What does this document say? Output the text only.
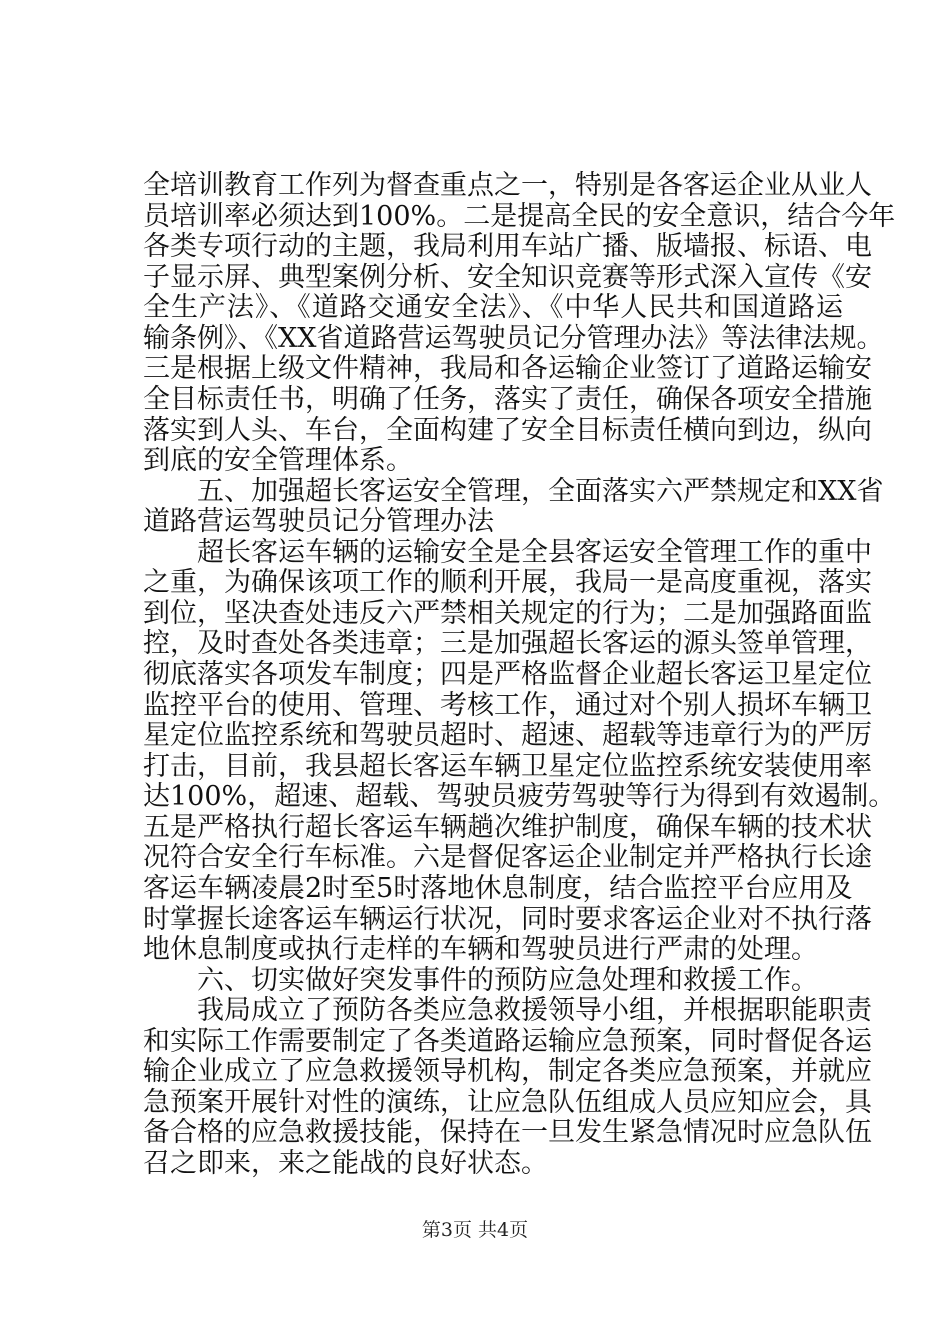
全培训教育工作列为督查重点之一，特别是各客运企业从业人
员培训率必须达到100%。二是提高全民的安全意识，结合今年
各类专项行动的主题，我局利用车站广播、版墙报、标语、电
子显示屏、典型案例分析、安全知识竞赛等形式深入宣传《安
全生产法》、《道路交通安全法》、《中华人民共和国道路运
输条例》、《XX省道路营运驾驶员记分管理办法》等法律法规。
三是根据上级文件精神，我局和各运输企业签订了道路运输安
全目标责任书，明确了任务，落实了责任，确保各项安全措施
落实到人头、车台，全面构建了安全目标责任横向到边，纵向
到底的安全管理体系。
　　五、加强超长客运安全管理，全面落实六严禁规定和XX省
道路营运驾驶员记分管理办法
　　超长客运车辆的运输安全是全县客运安全管理工作的重中
之重，为确保该项工作的顺利开展，我局一是高度重视，落实
到位，坚决查处违反六严禁相关规定的行为；二是加强路面监
控，及时查处各类违章；三是加强超长客运的源头签单管理，
彻底落实各项发车制度；四是严格监督企业超长客运卫星定位
监控平台的使用、管理、考核工作，通过对个别人损坏车辆卫
星定位监控系统和驾驶员超时、超速、超载等违章行为的严厉
打击，目前，我县超长客运车辆卫星定位监控系统安装使用率
达100%，超速、超载、驾驶员疲劳驾驶等行为得到有效遏制。
五是严格执行超长客运车辆趟次维护制度，确保车辆的技术状
况符合安全行车标准。六是督促客运企业制定并严格执行长途
客运车辆凌晨2时至5时落地休息制度，结合监控平台应用及
时掌握长途客运车辆运行状况，同时要求客运企业对不执行落
地休息制度或执行走样的车辆和驾驶员进行严肃的处理。
　　六、切实做好突发事件的预防应急处理和救援工作。
　　我局成立了预防各类应急救援领导小组，并根据职能职责
和实际工作需要制定了各类道路运输应急预案，同时督促各运
输企业成立了应急救援领导机构，制定各类应急预案，并就应
急预案开展针对性的演练，让应急队伍组成人员应知应会，具
备合格的应急救援技能，保持在一旦发生紧急情况时应急队伍
召之即来，来之能战的良好状态。
第3页 共4页
